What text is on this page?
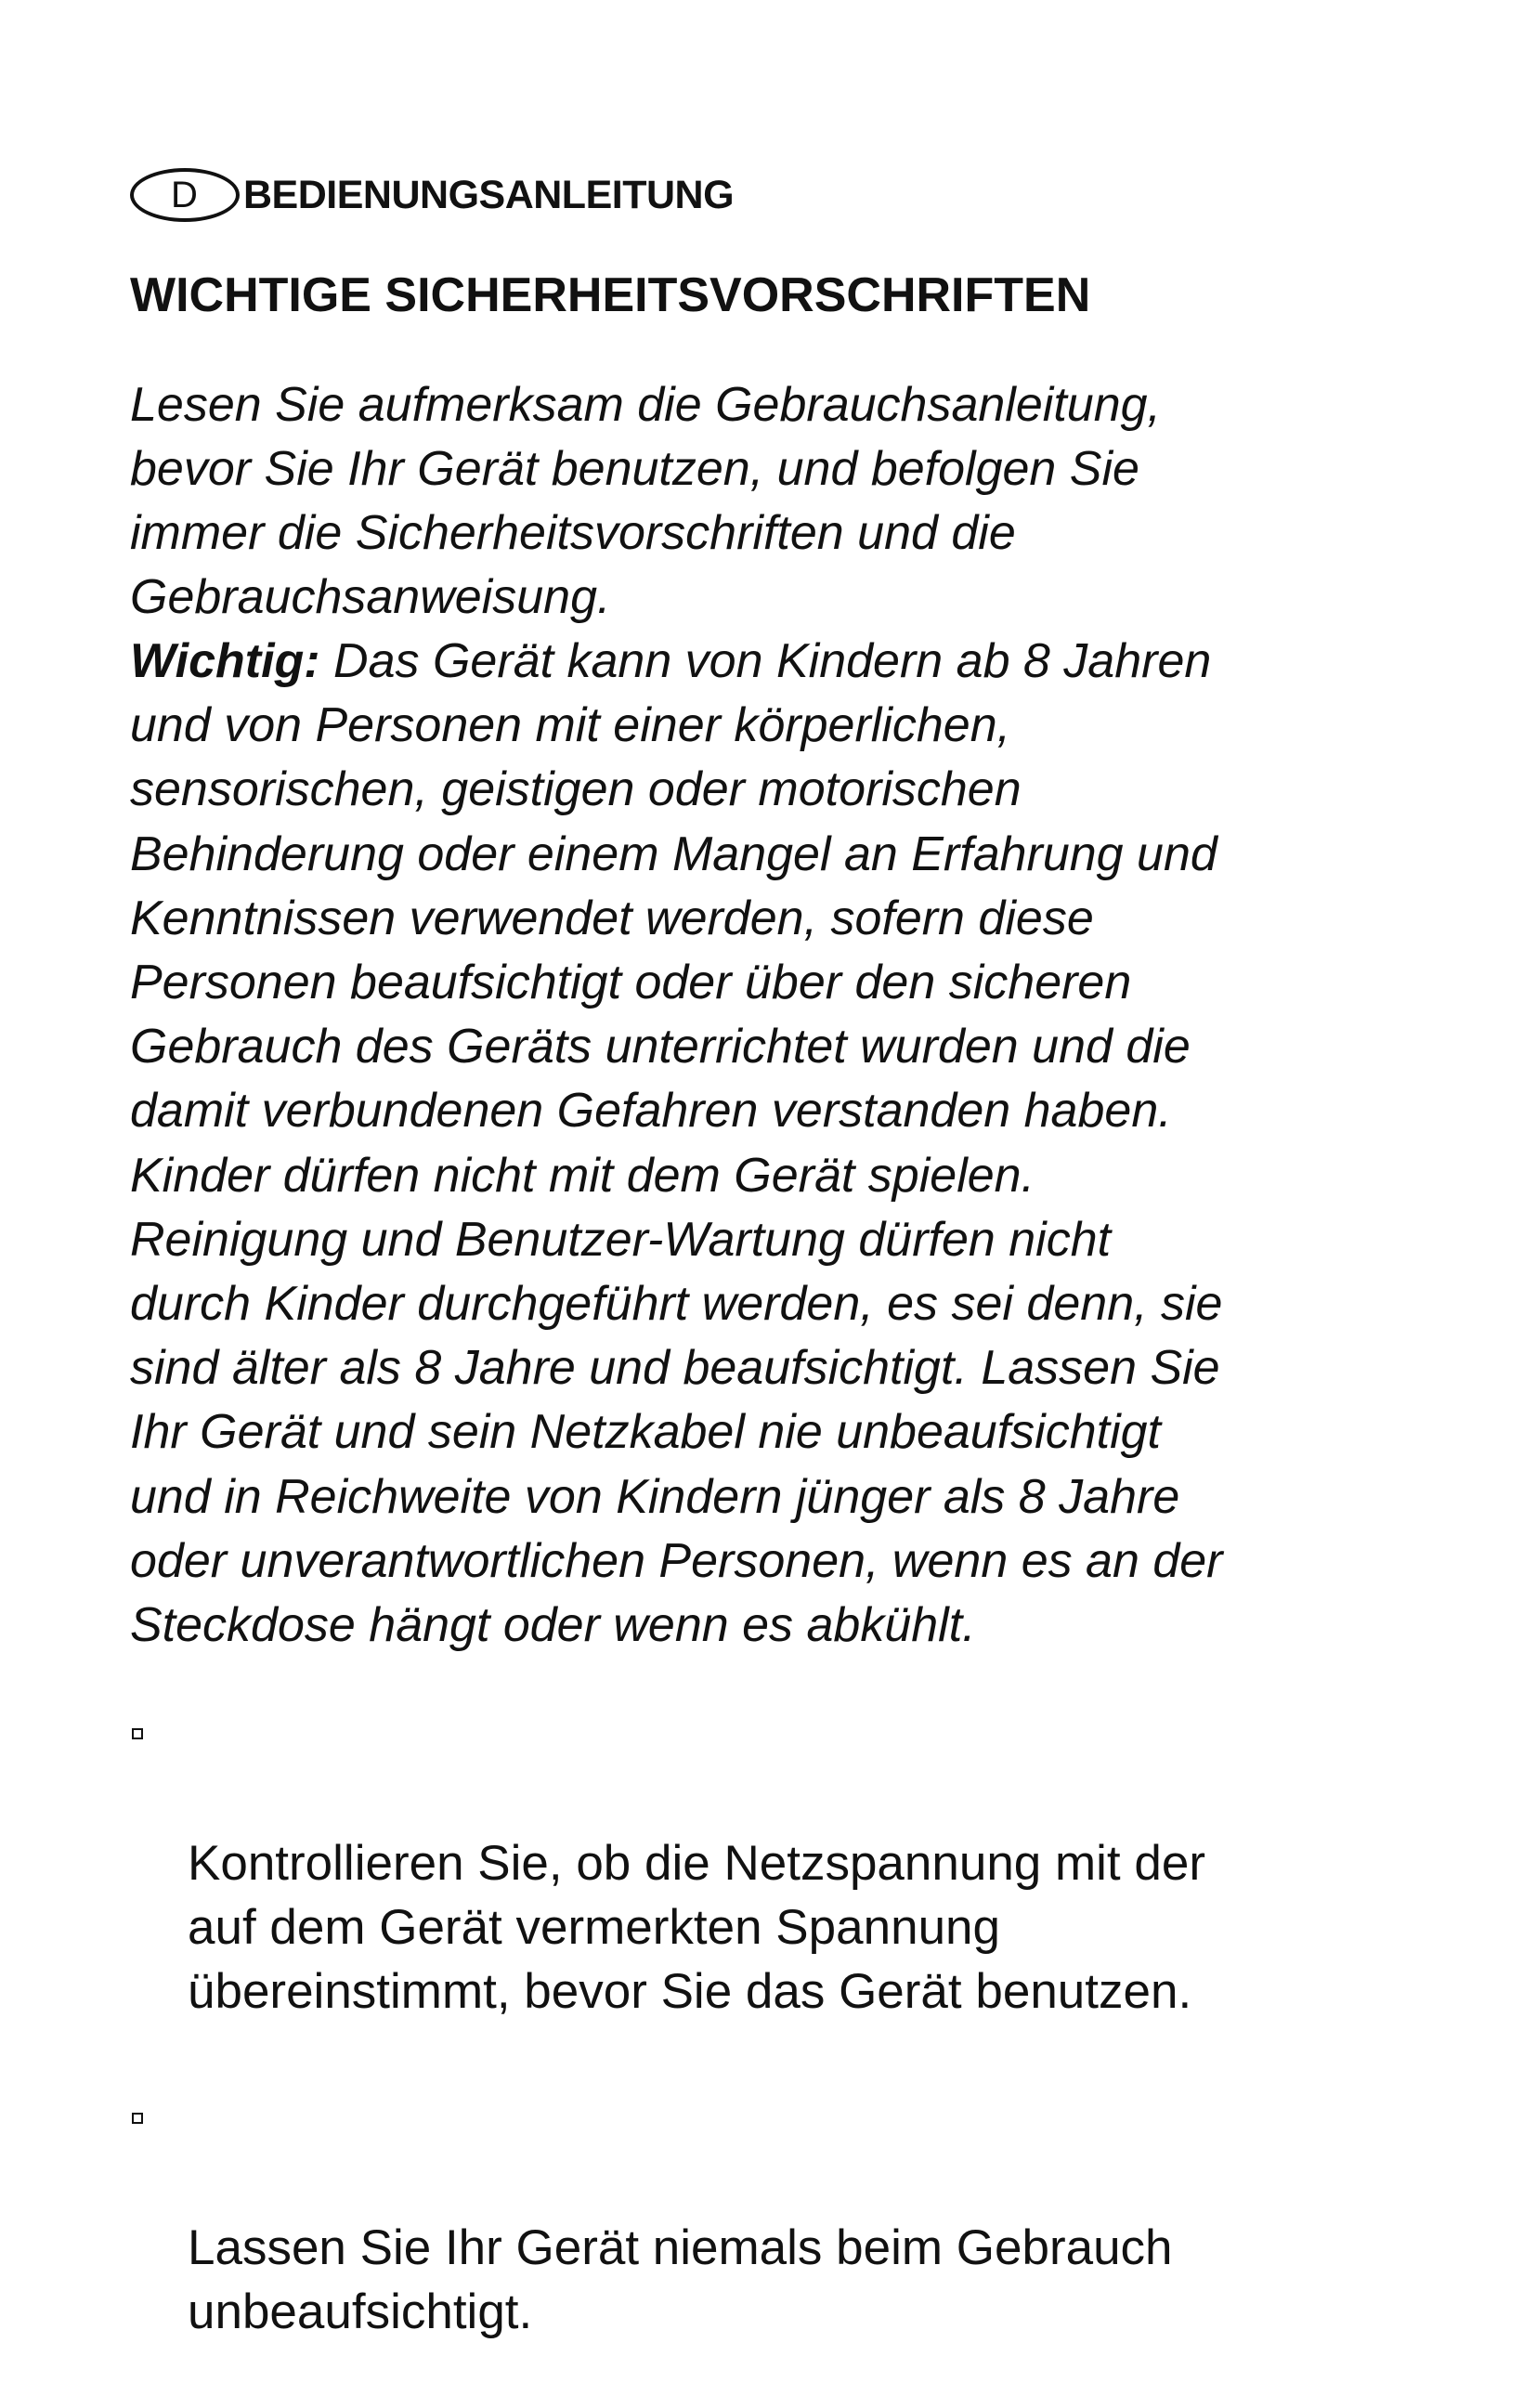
D BEDIENUNGSANLEITUNG
WICHTIGE SICHERHEITSVORSCHRIFTEN

Lesen Sie aufmerksam die Gebrauchsanleitung,
bevor Sie Ihr Gerät benutzen, und befolgen Sie
immer die Sicherheitsvorschriften und die
Gebrauchsanweisung.

Wichtig: Das Gerät kann von Kindern ab 8 Jahren
und von Personen mit einer körperlichen,
sensorischen, geistigen oder motorischen
Behinderung oder einem Mangel an Erfahrung und
Kenntnissen verwendet werden, sofern diese
Personen beaufsichtigt oder über den sicheren
Gebrauch des Geräts unterrichtet wurden und die
damit verbundenen Gefahren verstanden haben.
Kinder dürfen nicht mit dem Gerät spielen.
Reinigung und Benutzer-Wartung dürfen nicht
durch Kinder durchgeführt werden, es sei denn, sie
sind älter als 8 Jahre und beaufsichtigt. Lassen Sie
Ihr Gerät und sein Netzkabel nie unbeaufsichtigt
und in Reichweite von Kindern jünger als 8 Jahre
oder unverantwortlichen Personen, wenn es an der
Steckdose hängt oder wenn es abkühlt.

Kontrollieren Sie, ob die Netzspannung mit der
auf dem Gerät vermerkten Spannung
übereinstimmt, bevor Sie das Gerät benutzen.

Lassen Sie Ihr Gerät niemals beim Gebrauch
unbeaufsichtigt.
